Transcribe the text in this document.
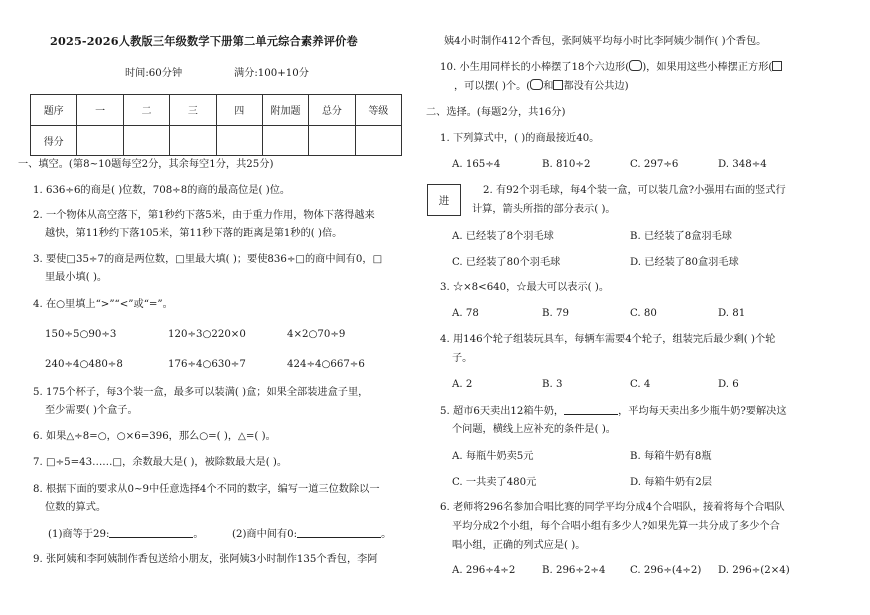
2025-2026人教版三年级数学下册第二单元综合素养评价卷
时间:60分钟	满分:100+10分
题序	一	二	三	四	附加题	总分	等级
得分							
一、填空。(第8~10题每空2分，其余每空1分，共25分)
1. 636÷6的商是( )位数，708÷8的商的最高位是( )位。
2. 一个物体从高空落下，第1秒约下落5米，由于重力作用，物体下落得越来
越快，第11秒约下落105米，第11秒下落的距离是第1秒的( )倍。
3. 要使□35÷7的商是两位数，□里最大填( )；要使836÷□的商中间有0，□
里最小填( )。
4. 在○里填上“>”“<”或“=”。
150÷5○90÷3	120÷3○220×0	4×2○70÷9
240÷4○480÷8	176÷4○630÷7	424÷4○667÷6
5. 175个杯子，每3个装一盒，最多可以装满( )盒；如果全部装进盒子里，
至少需要( )个盒子。
6. 如果△÷8=○，○×6=396，那么○=( )，△=( )。
7. □÷5=43……□，余数最大是( )，被除数最大是( )。
8. 根据下面的要求从0~9中任意选择4个不同的数字，编写一道三位数除以一
位数的算式。
(1)商等于29:	。	(2)商中间有0:	。
9. 张阿姨和李阿姨制作香包送给小朋友，张阿姨3小时制作135个香包，李阿
姨4小时制作412个香包，张阿姨平均每小时比李阿姨少制作( )个香包。
10. 小生用同样长的小棒摆了18个六边形( )，如果用这些小棒摆正方形(
，可以摆( )个。( 和 都没有公共边)
二、选择。(每题2分，共16分)
1. 下列算式中，( )的商最接近40。
A. 165÷4	B. 810÷2	C. 297÷6	D. 348÷4
2. 有92个羽毛球，每4个装一盒，可以装几盒?小强用右面的竖式行
计算，箭头所指的部分表示( )。
A. 已经装了8个羽毛球	B. 已经装了8盒羽毛球
C. 已经装了80个羽毛球	D. 已经装了80盒羽毛球
3. ☆×8<640，☆最大可以表示( )。
A. 78	B. 79	C. 80	D. 81
4. 用146个轮子组装玩具车，每辆车需要4个轮子，组装完后最少剩( )个轮
子。
A. 2	B. 3	C. 4	D. 6
5. 超市6天卖出12箱牛奶，	，平均每天卖出多少瓶牛奶?要解决这
个问题，横线上应补充的条件是( )。
A. 每瓶牛奶卖5元	B. 每箱牛奶有8瓶
C. 一共卖了480元	D. 每箱牛奶有2层
6. 老师将296名参加合唱比赛的同学平均分成4个合唱队，接着将每个合唱队
平均分成2个小组，每个合唱小组有多少人?如果先算一共分成了多少个合
唱小组，正确的列式应是( )。
A. 296÷4÷2	B. 296÷2÷4 C. 296÷(4÷2) D. 296÷(2×4)
进
